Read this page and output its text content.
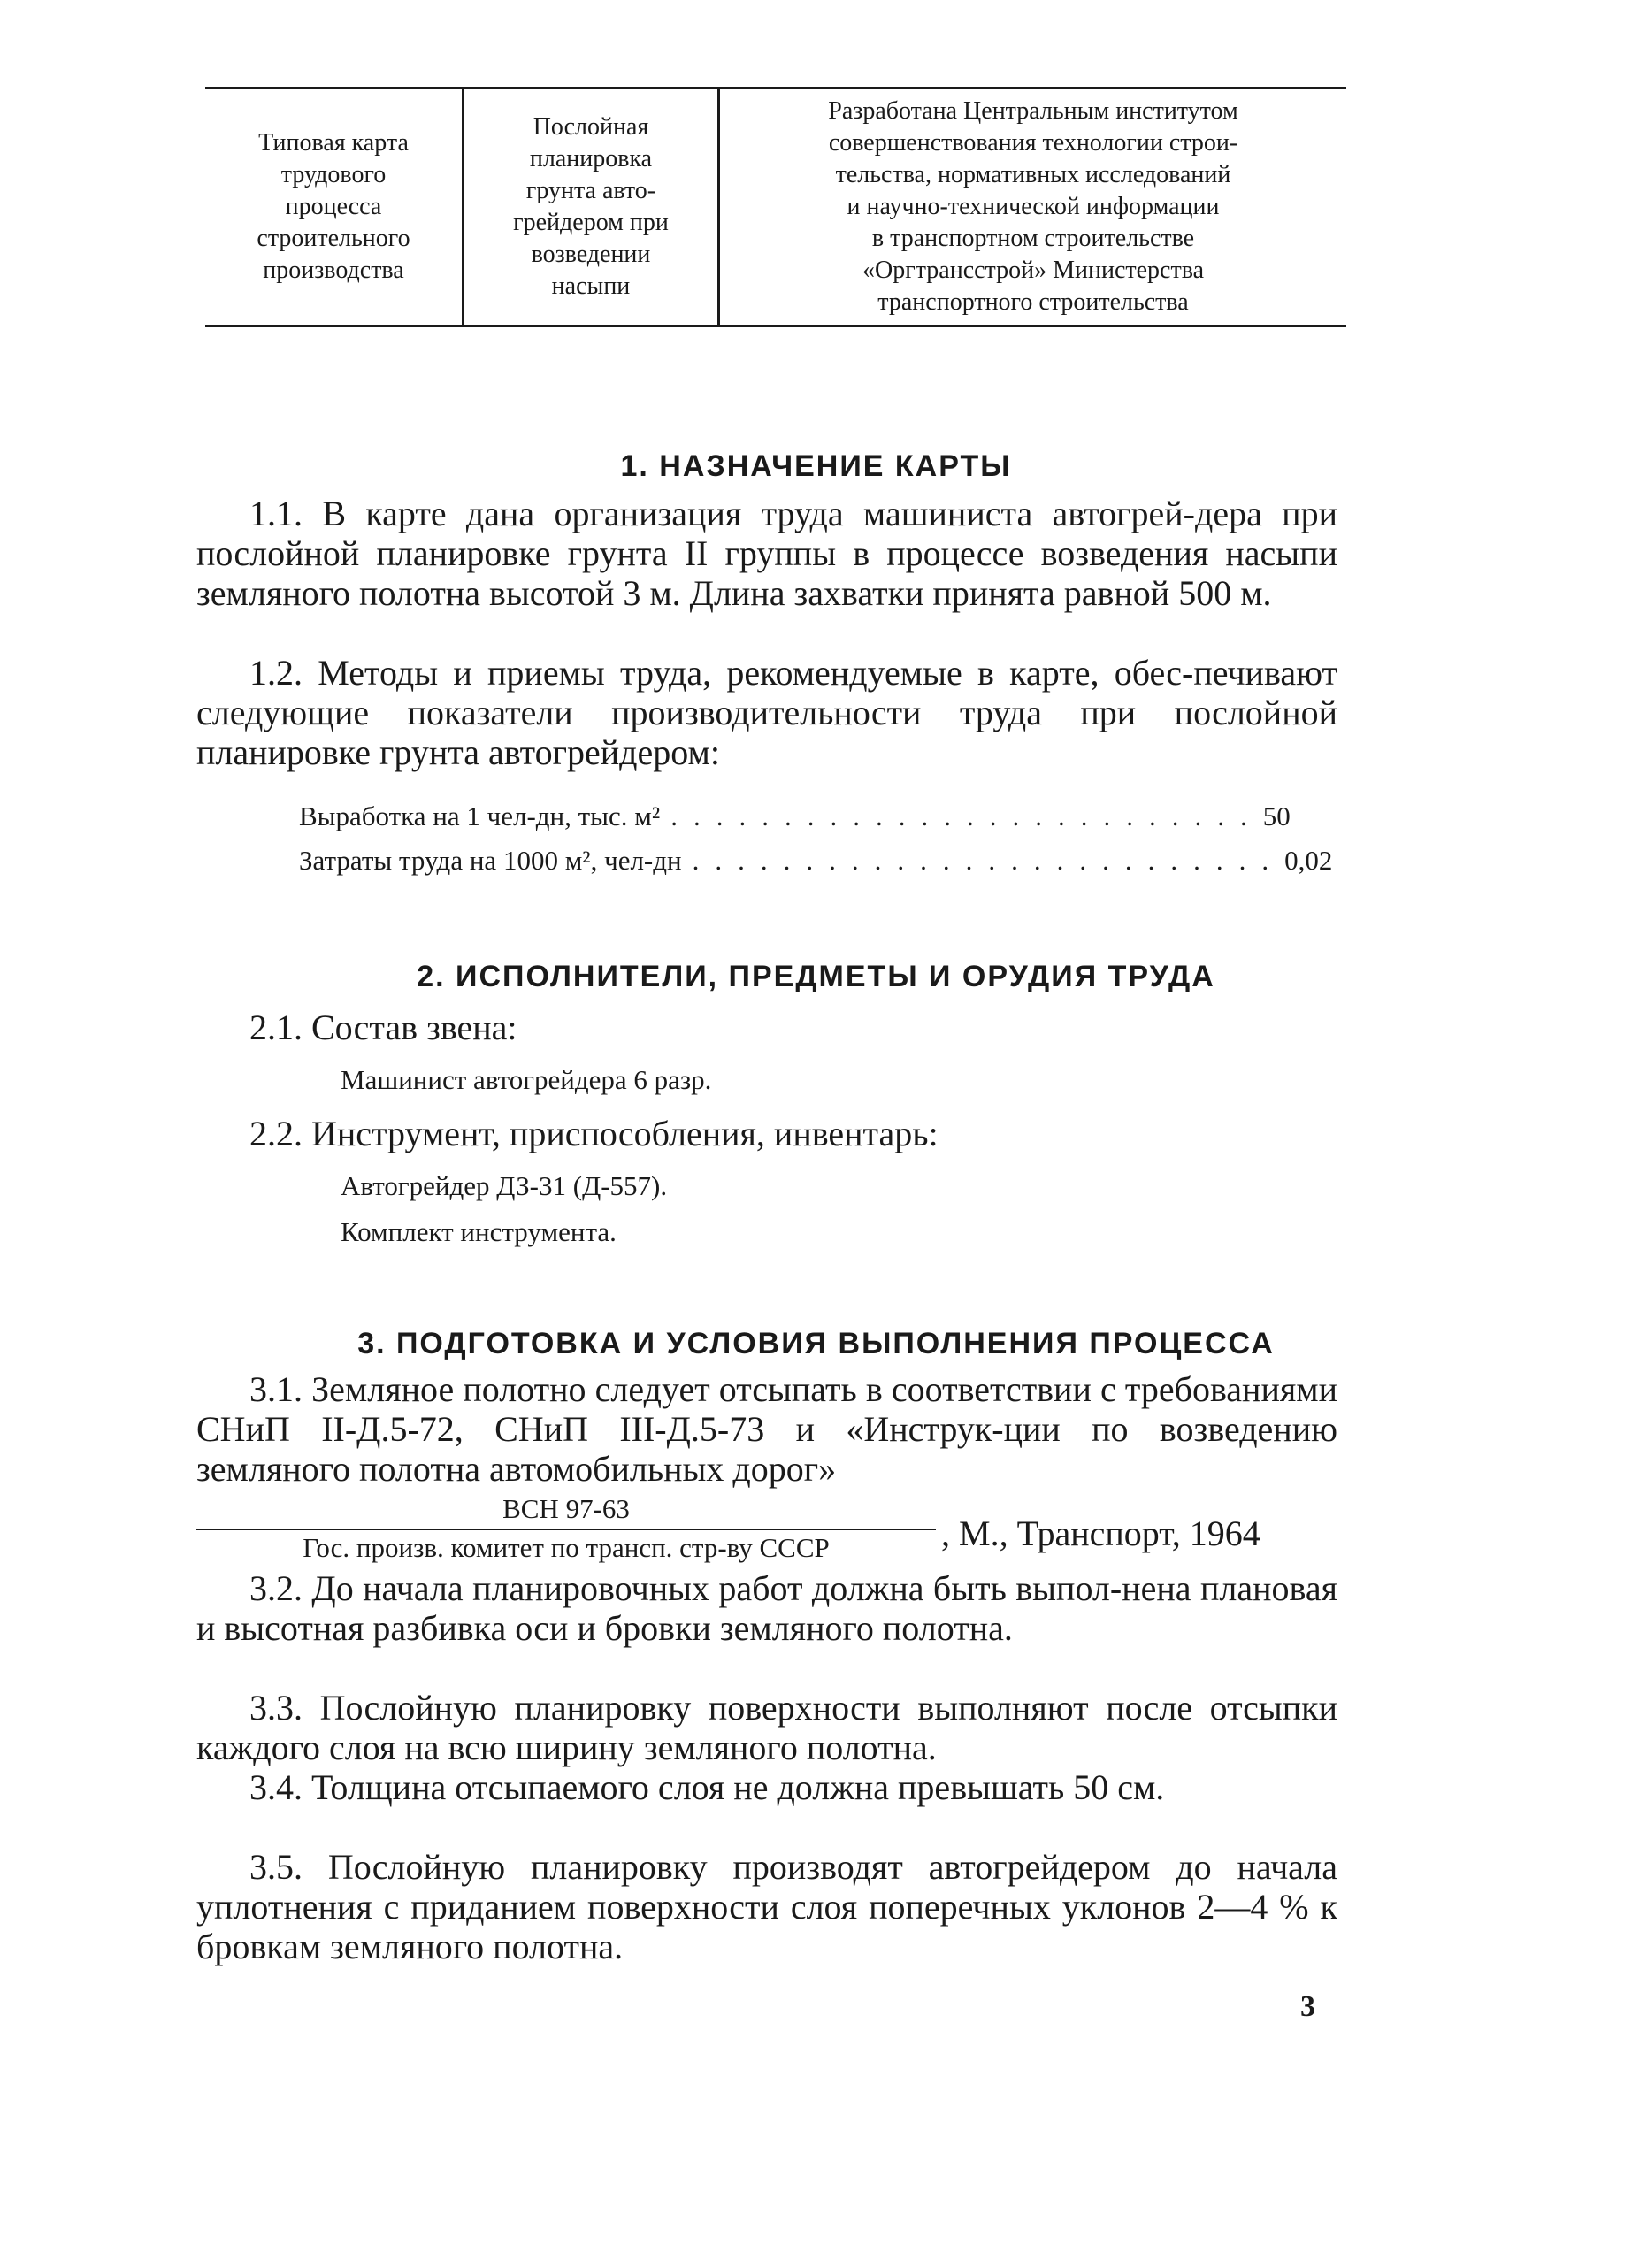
Типовая карта
трудового
процесса
строительного
производства
Послойная
планировка
грунта авто-
грейдером при
возведении
насыпи
Разработана Центральным институтом
совершенствования технологии строи-
тельства, нормативных исследований
и научно-технической информации
в транспортном строительстве
«Оргтрансстрой» Министерства
транспортного строительства
1. НАЗНАЧЕНИЕ КАРТЫ
1.1. В карте дана организация труда машиниста автогрей-дера при послойной планировке грунта II группы в процессе возведения насыпи земляного полотна высотой 3 м. Длина захватки принята равной 500 м.
1.2. Методы и приемы труда, рекомендуемые в карте, обес-печивают следующие показатели производительности труда при послойной планировке грунта автогрейдером:
Выработка на 1 чел-дн, тыс. м² .......................... 50
Затраты труда на 1000 м², чел-дн .......................... 0,02
2. ИСПОЛНИТЕЛИ, ПРЕДМЕТЫ И ОРУДИЯ ТРУДА
2.1. Состав звена:
Машинист автогрейдера 6 разр.
2.2. Инструмент, приспособления, инвентарь:
Автогрейдер ДЗ-31 (Д-557).
Комплект инструмента.
3. ПОДГОТОВКА И УСЛОВИЯ ВЫПОЛНЕНИЯ ПРОЦЕССА
3.1. Земляное полотно следует отсыпать в соответствии с требованиями СНиП II-Д.5-72, СНиП III-Д.5-73 и «Инструк-ции по возведению земляного полотна автомобильных дорог»
ВСН 97-63
Гос. произв. комитет по трансп. стр-ву СССР	, М., Транспорт, 1964
3.2. До начала планировочных работ должна быть выпол-нена плановая и высотная разбивка оси и бровки земляного полотна.
3.3. Послойную планировку поверхности выполняют после отсыпки каждого слоя на всю ширину земляного полотна.
3.4. Толщина отсыпаемого слоя не должна превышать 50 см.
3.5. Послойную планировку производят автогрейдером до начала уплотнения с приданием поверхности слоя поперечных уклонов 2—4 % к бровкам земляного полотна.
3
